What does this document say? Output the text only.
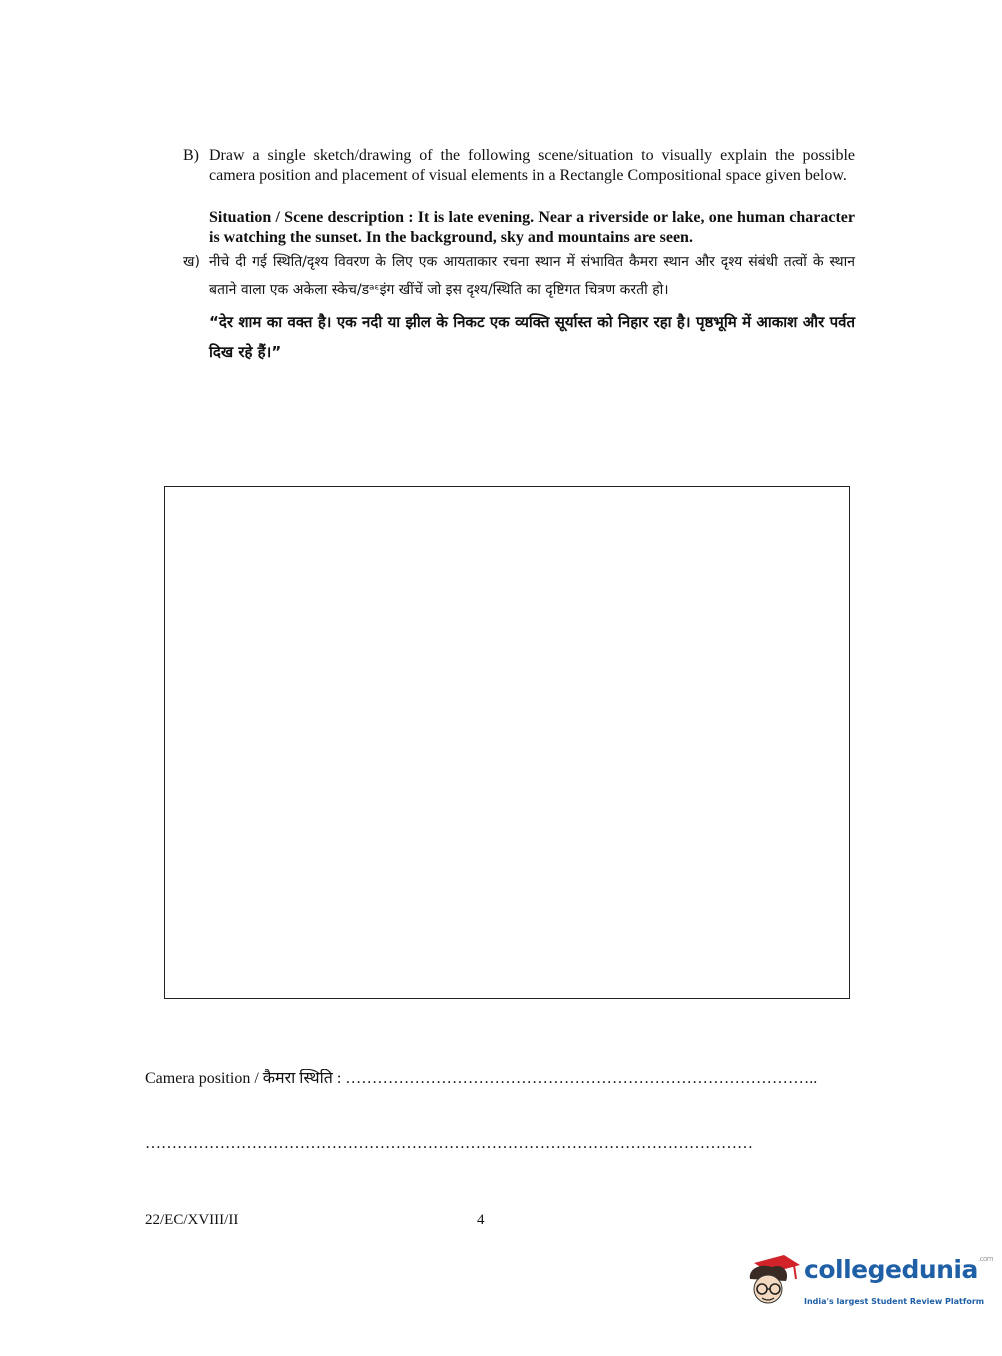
B) Draw a single sketch/drawing of the following scene/situation to visually explain the possible camera position and placement of visual elements in a Rectangle Compositional space given below.
Situation / Scene description : It is late evening. Near a riverside or lake, one human character is watching the sunset. In the background, sky and mountains are seen.
ख) नीचे दी गई स्थिति/दृश्य विवरण के लिए एक आयताकार रचना स्थान में संभावित कैमरा स्थान और दृश्य संबंधी तत्वों के स्थान बताने वाला एक अकेला स्केच/डᵃᵋइंग खींचें जो इस दृश्य/स्थिति का दृष्टिगत चित्रण करती हो।
“देर शाम का वक्त है। एक नदी या झील के निकट एक व्यक्ति सूर्यास्त को निहार रहा है। पृष्ठभूमि में आकाश और पर्वत दिख रहे हैं।”
Camera position / कैमरा स्थिति : ……………………………………………………………………………..
……………………………………………………………………………………………………
22/EC/XVIII/II	4
collegedunia$^{.com}$
India's largest Student Review Platform
